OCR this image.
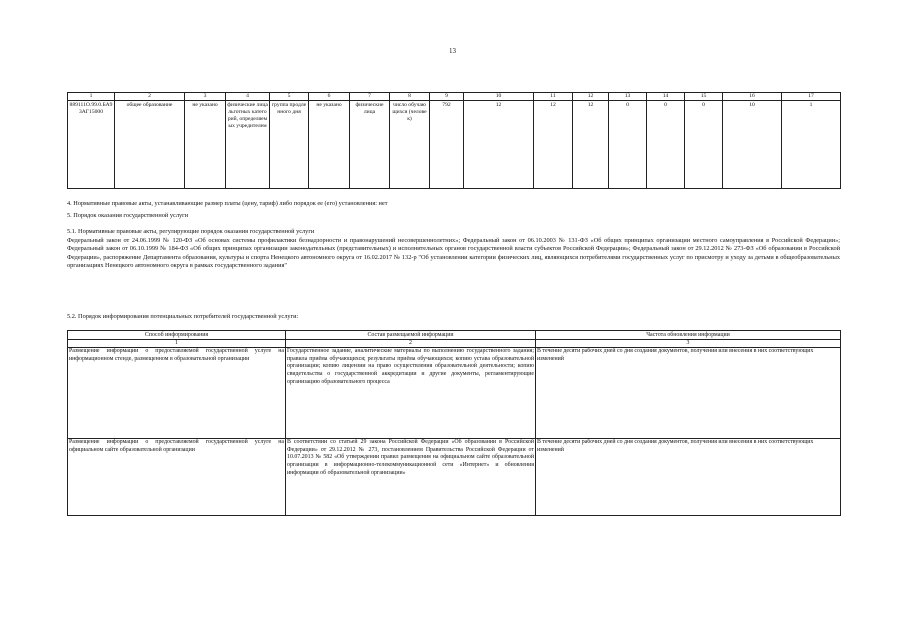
13
1	2	3	4	5	6	7	8	9	10	11	12	13	14	15	16	17
889111О.99.0.БА93АГ15000	общее образование	не указано	физические лица льготных категорий, определяемых учредителем	группа продленного дня	не указано	физические лица	число обучающихся (человек)	792	12	12	12	0	0	0	10	1
4. Нормативные правовые акты, устанавливающие размер платы (цену, тариф) либо порядок ее (его) установления: нет
5. Порядок оказания государственной услуги
5.1. Нормативные правовые акты, регулирующие порядок оказания государственной услуги
Федеральный закон от 24.06.1999 № 120-ФЗ «Об основах системы профилактики безнадзорности и правонарушений несовершеннолетних»; Федеральный закон от 06.10.2003 № 131-ФЗ «Об общих принципах организации местного самоуправления в Российской Федерации»; Федеральный закон от 06.10.1999 № 184-ФЗ «Об общих принципах организации законодательных (представительных) и исполнительных органов государственной власти субъектов Российской Федерации»; Федеральный закон от 29.12.2012 № 273-ФЗ «Об образовании в Российской Федерации», распоряжение Департамента образования, культуры и спорта Ненецкого автономного округа от 16.02.2017 № 132-р "Об установлении категории физических лиц, являющихся потребителями государственных услуг по присмотру и уходу за детьми в общеобразовательных организациях Ненецкого автономного округа в рамках государственного задания"
5.2. Порядок информирования потенциальных потребителей государственной услуги:
Способ информирования	Состав размещаемой информации	Частота обновления информации
1	2	3
Размещение информации о предоставляемой государственной услуге на информационном стенде, размещенном в образовательной организации	Государственное задание, аналитические материалы по выполнению государственного задания; правила приёма обучающихся; результаты приёма обучающихся; копию устава образовательной организации; копию лицензии на право осуществления образовательной деятельности; копию свидетельства о государственной аккредитации и другие документы, регламентирующие организацию образовательного процесса	В течение десяти рабочих дней со дня создания документов, получения или внесения в них соответствующих изменений
Размещение информации о предоставляемой государственной услуге на официальном сайте образовательной организации	В соответствии со статьей 29 закона Российской Федерации «Об образовании в Российской Федерации» от 29.12.2012 № 273, постановлением Правительства Российской Федерации от 10.07.2013 № 582 «Об утверждении правил размещения на официальном сайте образовательной организации в информационно-телекоммуникационной сети «Интернет» и обновления информации об образовательной организации»	В течение десяти рабочих дней со дня создания документов, получения или внесения в них соответствующих изменений
